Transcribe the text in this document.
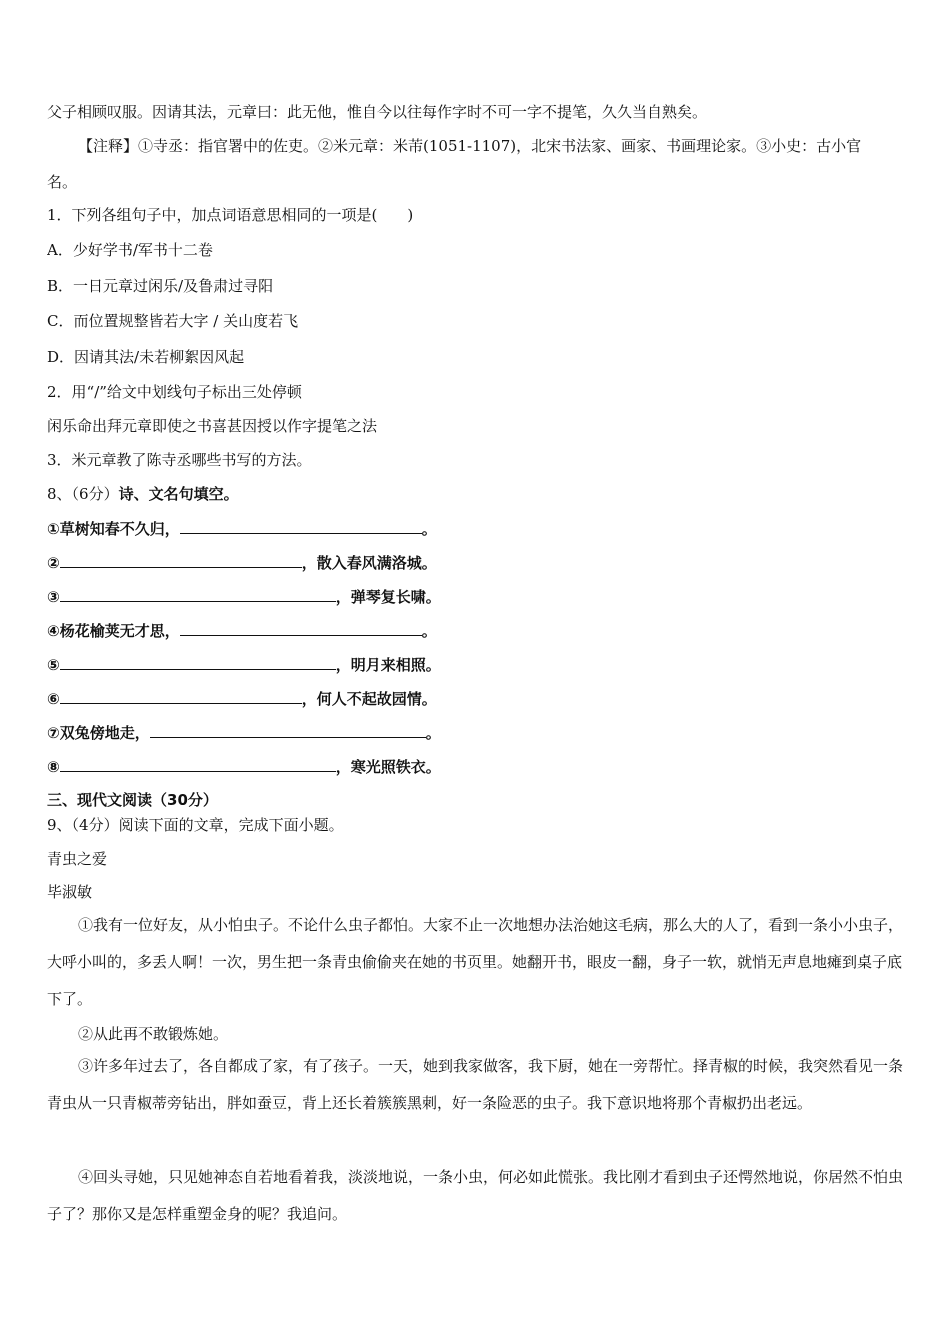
父子相顾叹服。因请其法，元章曰：此无他，惟自今以往每作字时不可一字不提笔，久久当自熟矣。
【注释】①寺丞：指官署中的佐吏。②米元章：米芾(1051-1107)，北宋书法家、画家、书画理论家。③小史：古小官
名。
1．下列各组句子中，加点词语意思相同的一项是(　　)
A．少好学书/军书十二卷
B．一日元章过闲乐/及鲁肃过寻阳
C．而位置规整皆若大字 / 关山度若飞
D．因请其法/未若柳絮因风起
2．用“/”给文中划线句子标出三处停顿
闲乐命出拜元章即使之书喜甚因授以作字提笔之法
3．米元章教了陈寺丞哪些书写的方法。
8、（6分）诗、文名句填空。
①草树知春不久归，	。
②	，散入春风满洛城。
③	，弹琴复长啸。
④杨花榆荚无才思，	。
⑤	，明月来相照。
⑥	，何人不起故园情。
⑦双兔傍地走，	。
⑧	，寒光照铁衣。
三、现代文阅读（30分）
9、（4分）阅读下面的文章，完成下面小题。
青虫之爱
毕淑敏
①我有一位好友，从小怕虫子。不论什么虫子都怕。大家不止一次地想办法治她这毛病，那么大的人了，看到一条小小虫子，大呼小叫的，多丢人啊！一次，男生把一条青虫偷偷夹在她的书页里。她翻开书，眼皮一翻，身子一软，就悄无声息地瘫到桌子底下了。
②从此再不敢锻炼她。
③许多年过去了，各自都成了家，有了孩子。一天，她到我家做客，我下厨，她在一旁帮忙。择青椒的时候，我突然看见一条青虫从一只青椒蒂旁钻出，胖如蚕豆，背上还长着簇簇黑刺，好一条险恶的虫子。我下意识地将那个青椒扔出老远。
④回头寻她，只见她神态自若地看着我，淡淡地说，一条小虫，何必如此慌张。我比刚才看到虫子还愕然地说，你居然不怕虫子了？那你又是怎样重塑金身的呢？我追问。
